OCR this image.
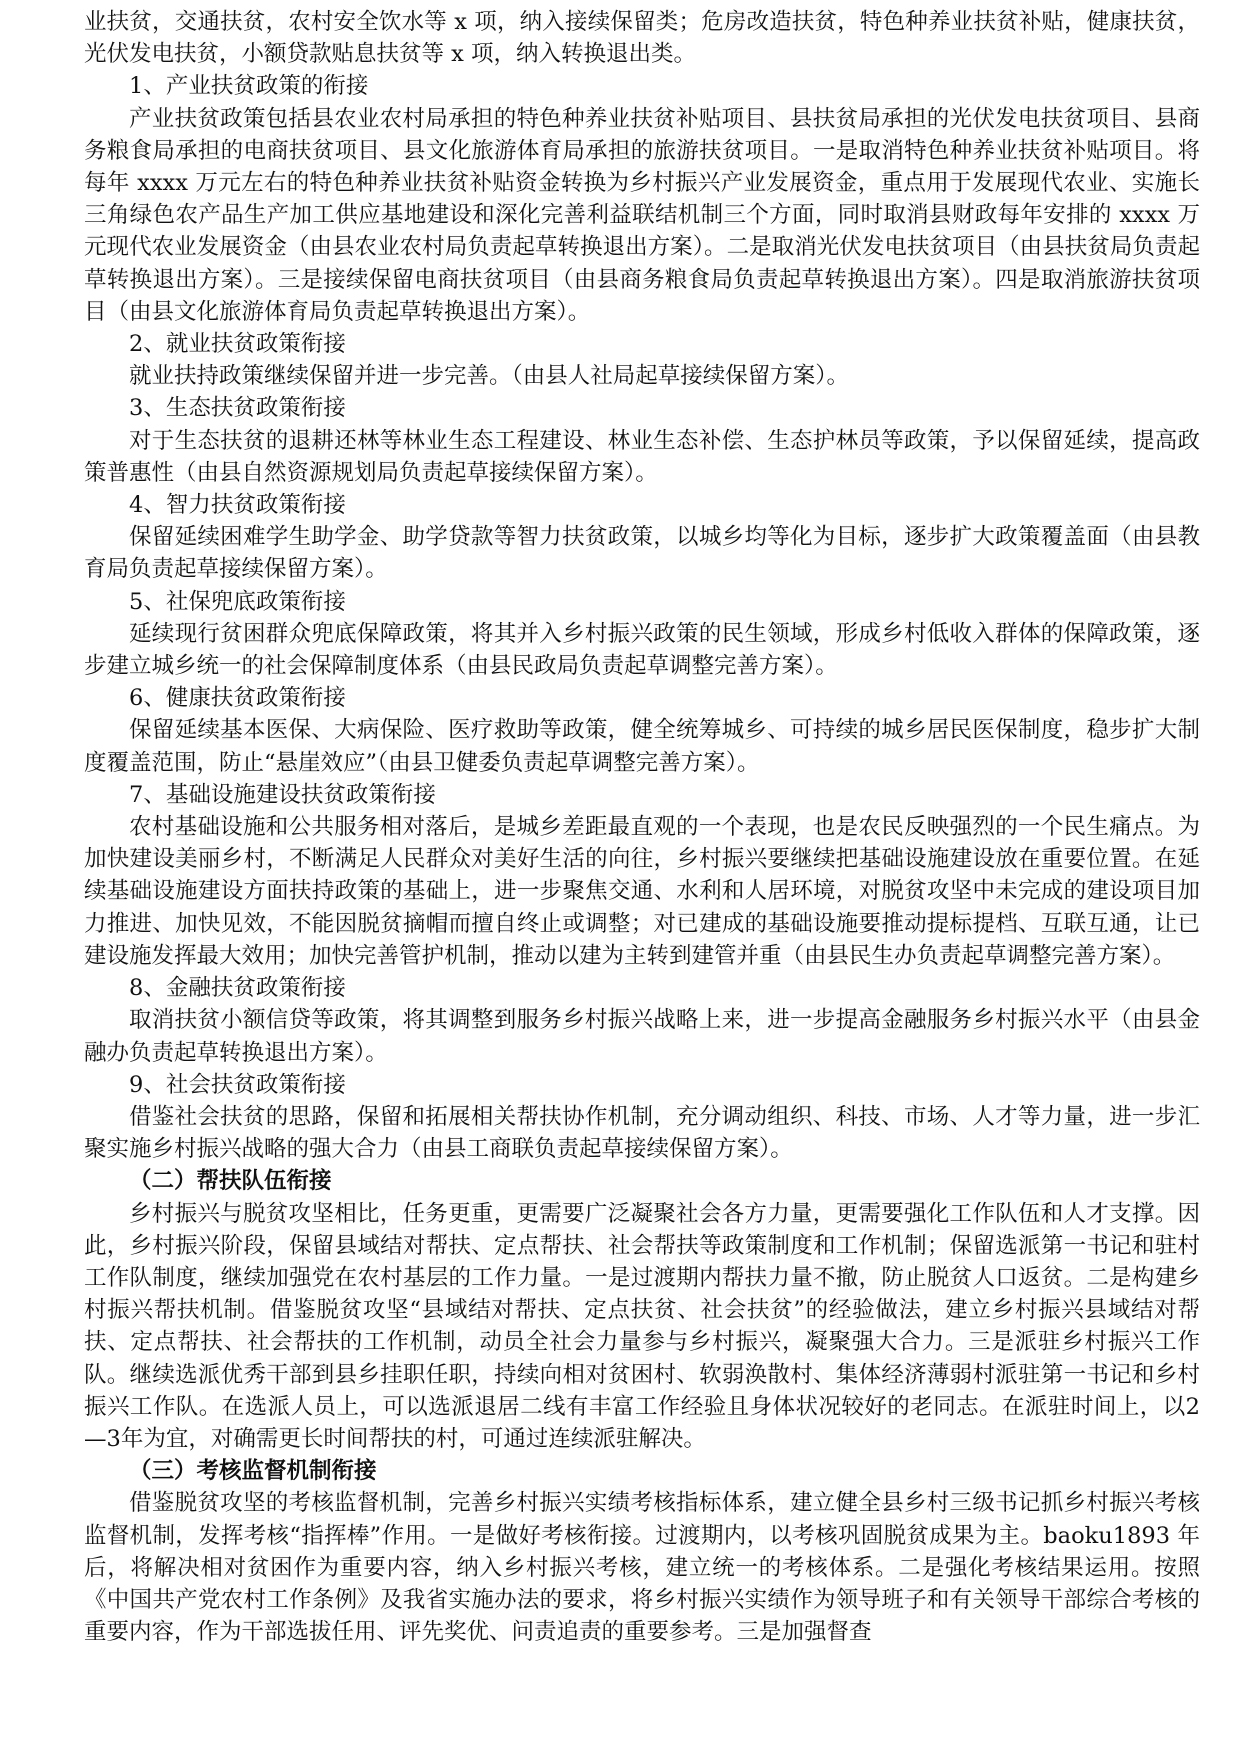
业扶贫，交通扶贫，农村安全饮水等 x 项，纳入接续保留类；危房改造扶贫，特色种养业扶贫补贴，健康扶贫，光伏发电扶贫，小额贷款贴息扶贫等 x 项，纳入转换退出类。

1、产业扶贫政策的衔接

产业扶贫政策包括县农业农村局承担的特色种养业扶贫补贴项目、县扶贫局承担的光伏发电扶贫项目、县商务粮食局承担的电商扶贫项目、县文化旅游体育局承担的旅游扶贫项目。一是取消特色种养业扶贫补贴项目。将每年 xxxx 万元左右的特色种养业扶贫补贴资金转换为乡村振兴产业发展资金，重点用于发展现代农业、实施长三角绿色农产品生产加工供应基地建设和深化完善利益联结机制三个方面，同时取消县财政每年安排的 xxxx 万元现代农业发展资金（由县农业农村局负责起草转换退出方案）。二是取消光伏发电扶贫项目（由县扶贫局负责起草转换退出方案）。三是接续保留电商扶贫项目（由县商务粮食局负责起草转换退出方案）。四是取消旅游扶贫项目（由县文化旅游体育局负责起草转换退出方案）。

2、就业扶贫政策衔接

就业扶持政策继续保留并进一步完善。（由县人社局起草接续保留方案）。

3、生态扶贫政策衔接

对于生态扶贫的退耕还林等林业生态工程建设、林业生态补偿、生态护林员等政策，予以保留延续，提高政策普惠性（由县自然资源规划局负责起草接续保留方案）。

4、智力扶贫政策衔接

保留延续困难学生助学金、助学贷款等智力扶贫政策，以城乡均等化为目标，逐步扩大政策覆盖面（由县教育局负责起草接续保留方案）。

5、社保兜底政策衔接

延续现行贫困群众兜底保障政策，将其并入乡村振兴政策的民生领域，形成乡村低收入群体的保障政策，逐步建立城乡统一的社会保障制度体系（由县民政局负责起草调整完善方案）。

6、健康扶贫政策衔接

保留延续基本医保、大病保险、医疗救助等政策，健全统筹城乡、可持续的城乡居民医保制度，稳步扩大制度覆盖范围，防止“悬崖效应”（由县卫健委负责起草调整完善方案）。

7、基础设施建设扶贫政策衔接

农村基础设施和公共服务相对落后，是城乡差距最直观的一个表现，也是农民反映强烈的一个民生痛点。为加快建设美丽乡村，不断满足人民群众对美好生活的向往，乡村振兴要继续把基础设施建设放在重要位置。在延续基础设施建设方面扶持政策的基础上，进一步聚焦交通、水利和人居环境，对脱贫攻坚中未完成的建设项目加力推进、加快见效，不能因脱贫摘帽而擅自终止或调整；对已建成的基础设施要推动提标提档、互联互通，让已建设施发挥最大效用；加快完善管护机制，推动以建为主转到建管并重（由县民生办负责起草调整完善方案）。

8、金融扶贫政策衔接

取消扶贫小额信贷等政策，将其调整到服务乡村振兴战略上来，进一步提高金融服务乡村振兴水平（由县金融办负责起草转换退出方案）。

9、社会扶贫政策衔接

借鉴社会扶贫的思路，保留和拓展相关帮扶协作机制，充分调动组织、科技、市场、人才等力量，进一步汇聚实施乡村振兴战略的强大合力（由县工商联负责起草接续保留方案）。

（二）帮扶队伍衔接

乡村振兴与脱贫攻坚相比，任务更重，更需要广泛凝聚社会各方力量，更需要强化工作队伍和人才支撑。因此，乡村振兴阶段，保留县域结对帮扶、定点帮扶、社会帮扶等政策制度和工作机制；保留选派第一书记和驻村工作队制度，继续加强党在农村基层的工作力量。一是过渡期内帮扶力量不撤，防止脱贫人口返贫。二是构建乡村振兴帮扶机制。借鉴脱贫攻坚“县域结对帮扶、定点扶贫、社会扶贫”的经验做法，建立乡村振兴县域结对帮扶、定点帮扶、社会帮扶的工作机制，动员全社会力量参与乡村振兴，凝聚强大合力。三是派驻乡村振兴工作队。继续选派优秀干部到县乡挂职任职，持续向相对贫困村、软弱涣散村、集体经济薄弱村派驻第一书记和乡村振兴工作队。在选派人员上，可以选派退居二线有丰富工作经验且身体状况较好的老同志。在派驻时间上，以2—3年为宜，对确需更长时间帮扶的村，可通过连续派驻解决。

（三）考核监督机制衔接

借鉴脱贫攻坚的考核监督机制，完善乡村振兴实绩考核指标体系，建立健全县乡村三级书记抓乡村振兴考核监督机制，发挥考核“指挥棒”作用。一是做好考核衔接。过渡期内，以考核巩固脱贫成果为主。baoku1893 年后，将解决相对贫困作为重要内容，纳入乡村振兴考核，建立统一的考核体系。二是强化考核结果运用。按照《中国共产党农村工作条例》及我省实施办法的要求，将乡村振兴实绩作为领导班子和有关领导干部综合考核的重要内容，作为干部选拔任用、评先奖优、问责追责的重要参考。三是加强督查
